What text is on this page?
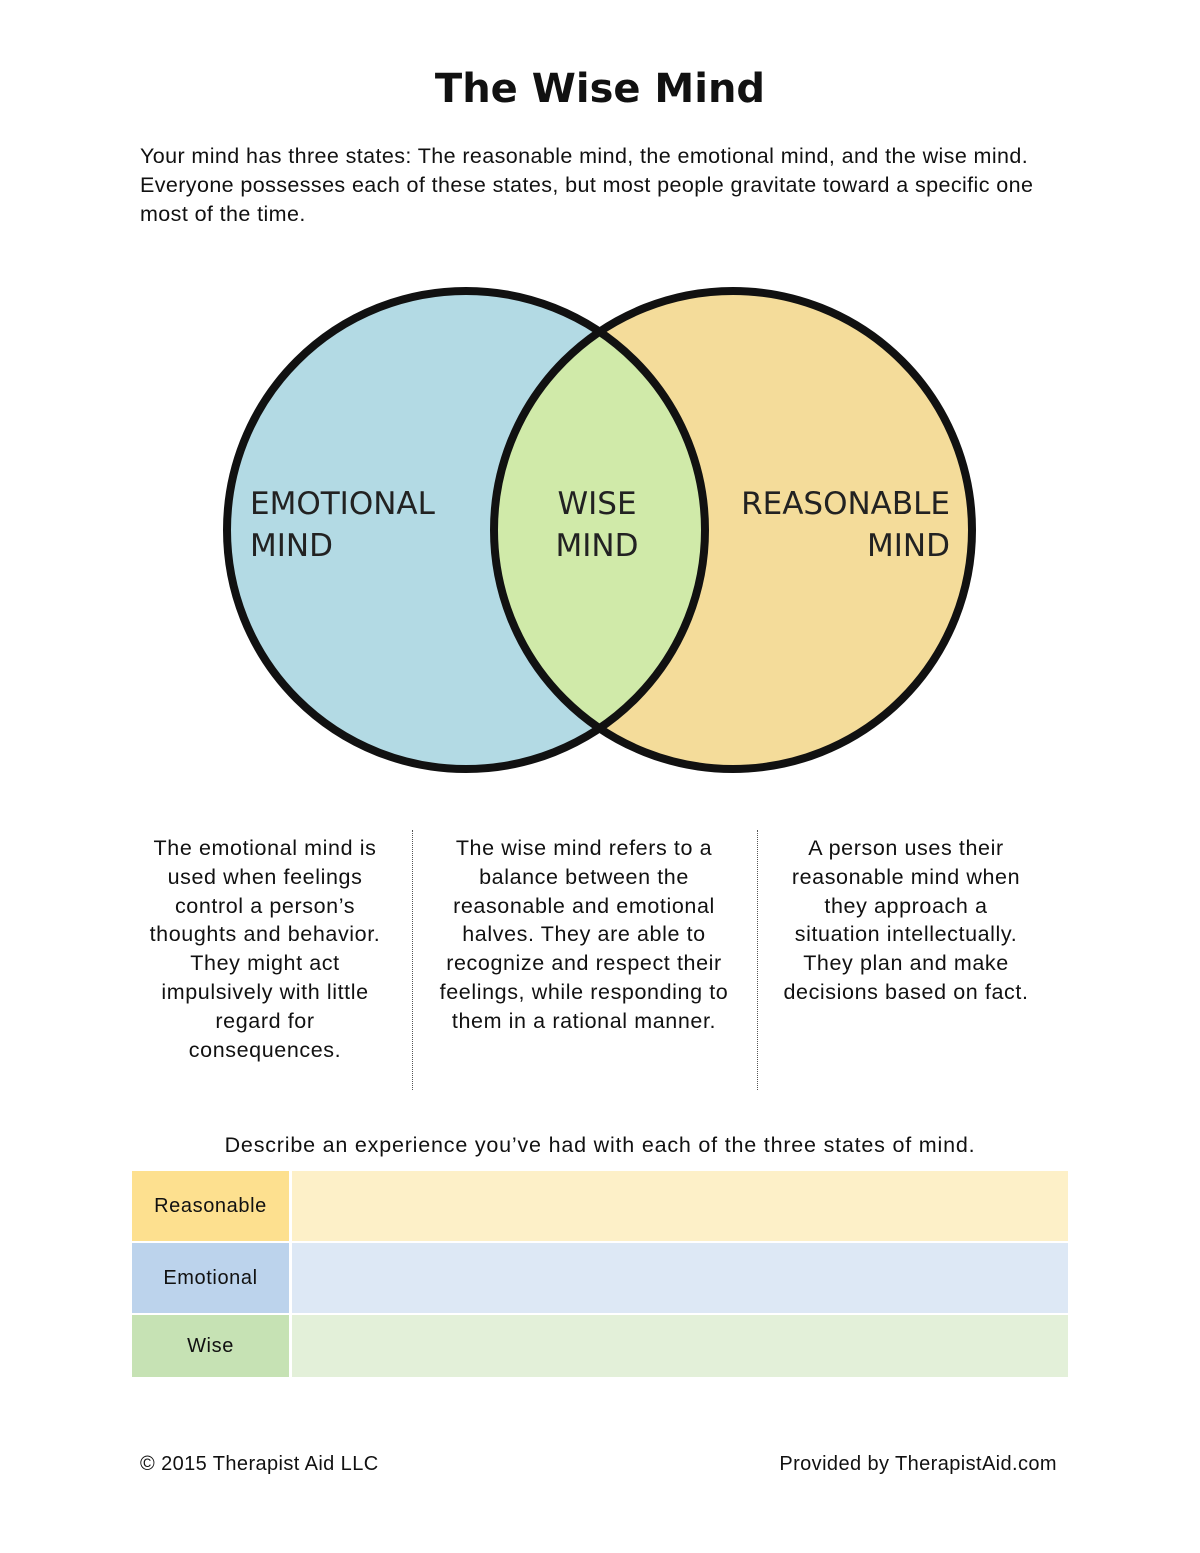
The Wise Mind

Your mind has three states: The reasonable mind, the emotional mind, and the wise mind. Everyone possesses each of these states, but most people gravitate toward a specific one most of the time.

EMOTIONAL
MIND
WISE
MIND
REASONABLE
MIND

The emotional mind is used when feelings control a person’s thoughts and behavior. They might act impulsively with little regard for consequences.

The wise mind refers to a balance between the reasonable and emotional halves. They are able to recognize and respect their feelings, while responding to them in a rational manner.

A person uses their reasonable mind when they approach a situation intellectually. They plan and make decisions based on fact.

Describe an experience you’ve had with each of the three states of mind.

Reasonable
Emotional
Wise

© 2015 Therapist Aid LLC	Provided by TherapistAid.com
